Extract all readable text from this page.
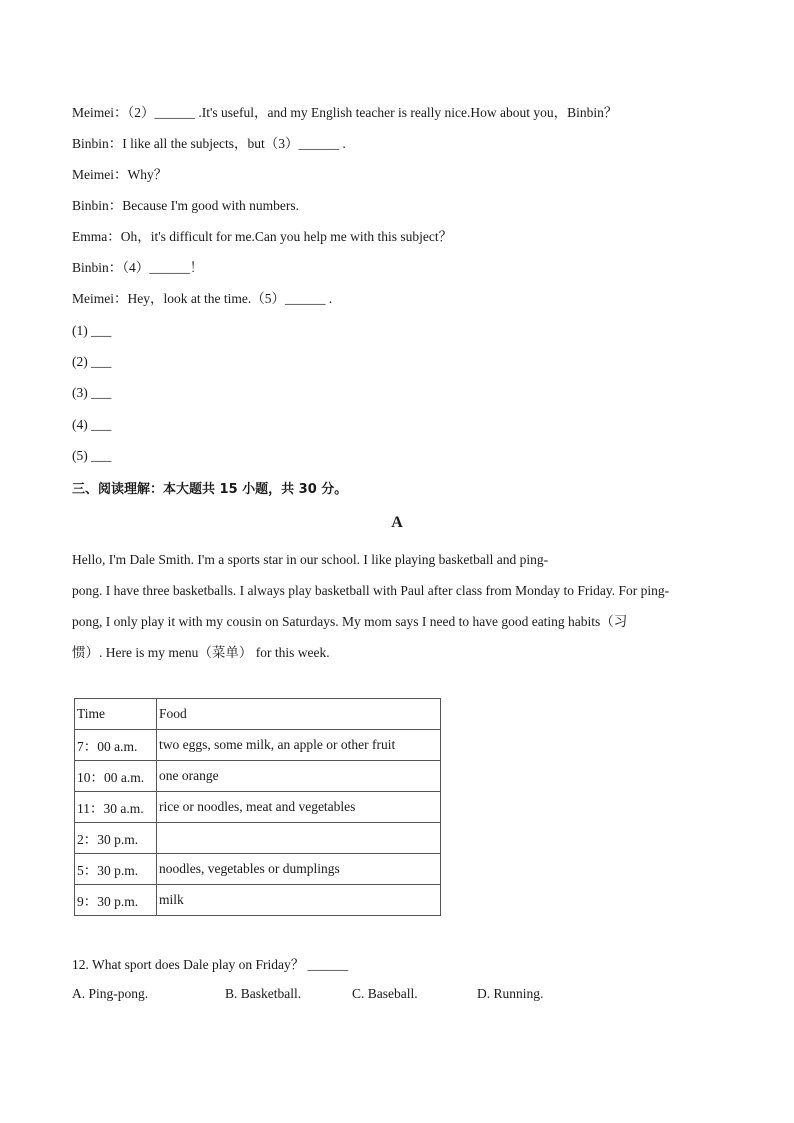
Meimei：（2）______ .It's useful，and my English teacher is really nice.How about you，Binbin？
Binbin：I like all the subjects，but（3）______ .
Meimei：Why？
Binbin：Because I'm good with numbers.
Emma：Oh，it's difficult for me.Can you help me with this subject？
Binbin：（4）______！
Meimei：Hey，look at the time.（5）______ .
(1) ___
(2) ___
(3) ___
(4) ___
(5) ___
三、阅读理解：本大题共 15 小题，共 30 分。
A
Hello, I'm Dale Smith. I'm a sports star in our school. I like playing basketball and ping-
pong. I have three basketballs. I always play basketball with Paul after class from Monday to Friday. For ping-
pong, I only play it with my cousin on Saturdays. My mom says I need to have good eating habits（习
惯）. Here is my menu（菜单） for this week.
Time	Food
7：00 a.m.	two eggs, some milk, an apple or other fruit
10：00 a.m.	one orange
11：30 a.m.	rice or noodles, meat and vegetables
2：30 p.m.	
5：30 p.m.	noodles, vegetables or dumplings
9：30 p.m.	milk
12. What sport does Dale play on Friday？ ______
A. Ping-pong.	B. Basketball.	C. Baseball.	D. Running.
